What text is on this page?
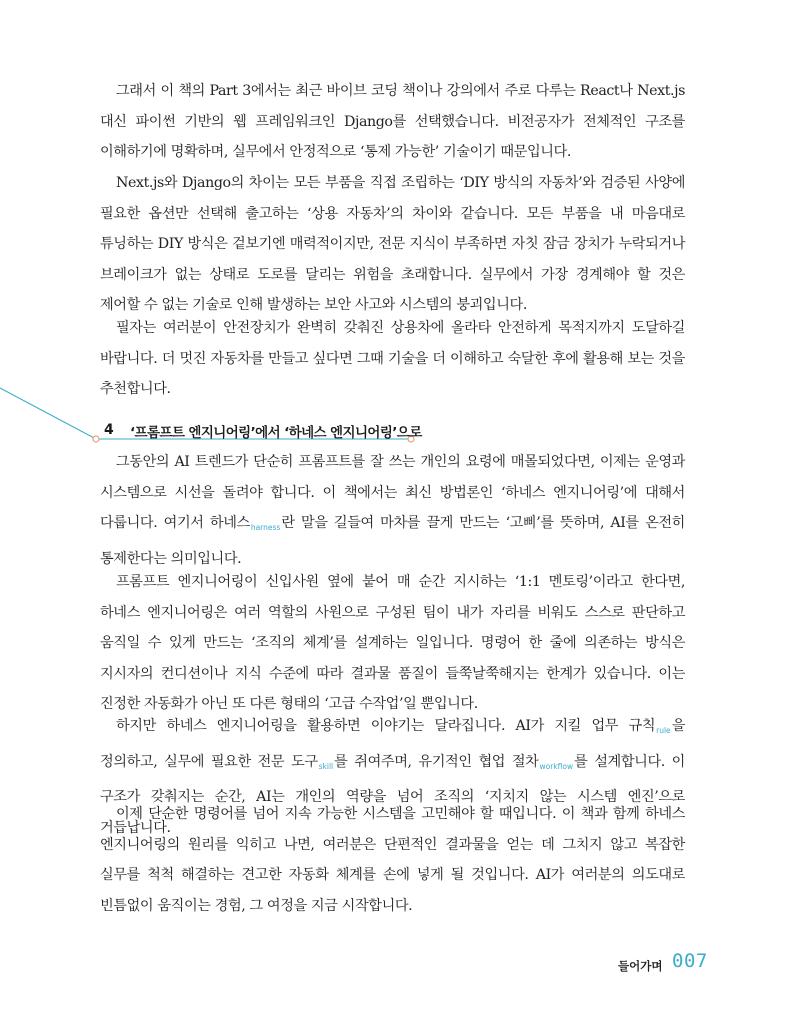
그래서 이 책의 Part 3에서는 최근 바이브 코딩 책이나 강의에서 주로 다루는 React나 Next.js 대신 파이썬 기반의 웹 프레임워크인 Django를 선택했습니다. 비전공자가 전체적인 구조를 이해하기에 명확하며, 실무에서 안정적으로 ‘통제 가능한’ 기술이기 때문입니다.

Next.js와 Django의 차이는 모든 부품을 직접 조립하는 ‘DIY 방식의 자동차’와 검증된 사양에 필요한 옵션만 선택해 출고하는 ‘상용 자동차’의 차이와 같습니다. 모든 부품을 내 마음대로 튜닝하는 DIY 방식은 겉보기엔 매력적이지만, 전문 지식이 부족하면 자칫 잠금 장치가 누락되거나 브레이크가 없는 상태로 도로를 달리는 위험을 초래합니다. 실무에서 가장 경계해야 할 것은 제어할 수 없는 기술로 인해 발생하는 보안 사고와 시스템의 붕괴입니다.

필자는 여러분이 안전장치가 완벽히 갖춰진 상용차에 올라타 안전하게 목적지까지 도달하길 바랍니다. 더 멋진 자동차를 만들고 싶다면 그때 기술을 더 이해하고 숙달한 후에 활용해 보는 것을 추천합니다.

4 ‘프롬프트 엔지니어링’에서 ‘하네스 엔지니어링’으로

그동안의 AI 트렌드가 단순히 프롬프트를 잘 쓰는 개인의 요령에 매몰되었다면, 이제는 운영과 시스템으로 시선을 돌려야 합니다. 이 책에서는 최신 방법론인 ‘하네스 엔지니어링’에 대해서 다룹니다. 여기서 하네스$_{harness}$란 말을 길들여 마차를 끌게 만드는 ‘고삐’를 뜻하며, AI를 온전히 통제한다는 의미입니다.

프롬프트 엔지니어링이 신입사원 옆에 붙어 매 순간 지시하는 ‘1:1 멘토링’이라고 한다면, 하네스 엔지니어링은 여러 역할의 사원으로 구성된 팀이 내가 자리를 비워도 스스로 판단하고 움직일 수 있게 만드는 ‘조직의 체계’를 설계하는 일입니다. 명령어 한 줄에 의존하는 방식은 지시자의 컨디션이나 지식 수준에 따라 결과물 품질이 들쭉날쭉해지는 한계가 있습니다. 이는 진정한 자동화가 아닌 또 다른 형태의 ‘고급 수작업’일 뿐입니다.

하지만 하네스 엔지니어링을 활용하면 이야기는 달라집니다. AI가 지킬 업무 규칙$_{rule}$을 정의하고, 실무에 필요한 전문 도구$_{skill}$를 쥐여주며, 유기적인 협업 절차$_{workflow}$를 설계합니다. 이 구조가 갖춰지는 순간, AI는 개인의 역량을 넘어 조직의 ‘지치지 않는 시스템 엔진’으로 거듭납니다.

이제 단순한 명령어를 넘어 지속 가능한 시스템을 고민해야 할 때입니다. 이 책과 함께 하네스 엔지니어링의 원리를 익히고 나면, 여러분은 단편적인 결과물을 얻는 데 그치지 않고 복잡한 실무를 척척 해결하는 견고한 자동화 체계를 손에 넣게 될 것입니다. AI가 여러분의 의도대로 빈틈없이 움직이는 경험, 그 여정을 지금 시작합니다.

들어가며 007
